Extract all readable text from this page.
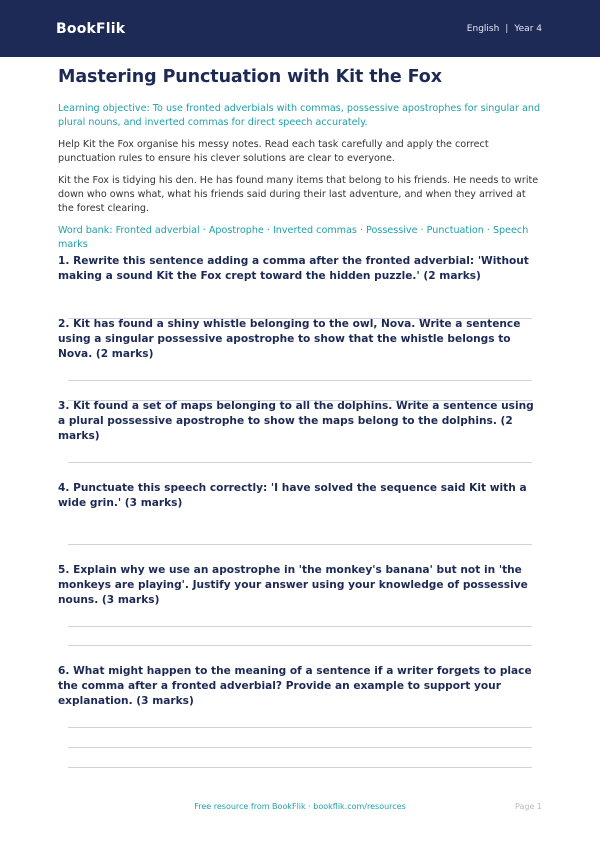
BookFlik	English | Year 4
Mastering Punctuation with Kit the Fox

Learning objective: To use fronted adverbials with commas, possessive apostrophes for singular and plural nouns, and inverted commas for direct speech accurately.

Help Kit the Fox organise his messy notes. Read each task carefully and apply the correct punctuation rules to ensure his clever solutions are clear to everyone.

Kit the Fox is tidying his den. He has found many items that belong to his friends. He needs to write down who owns what, what his friends said during their last adventure, and when they arrived at the forest clearing.

Word bank: Fronted adverbial · Apostrophe · Inverted commas · Possessive · Punctuation · Speech marks

1. Rewrite this sentence adding a comma after the fronted adverbial: 'Without making a sound Kit the Fox crept toward the hidden puzzle.' (2 marks)
2. Kit has found a shiny whistle belonging to the owl, Nova. Write a sentence using a singular possessive apostrophe to show that the whistle belongs to Nova. (2 marks)
3. Kit found a set of maps belonging to all the dolphins. Write a sentence using a plural possessive apostrophe to show the maps belong to the dolphins. (2 marks)
4. Punctuate this speech correctly: 'I have solved the sequence said Kit with a wide grin.' (3 marks)
5. Explain why we use an apostrophe in 'the monkey's banana' but not in 'the monkeys are playing'. Justify your answer using your knowledge of possessive nouns. (3 marks)
6. What might happen to the meaning of a sentence if a writer forgets to place the comma after a fronted adverbial? Provide an example to support your explanation. (3 marks)
Free resource from BookFlik · bookflik.com/resources	Page 1
